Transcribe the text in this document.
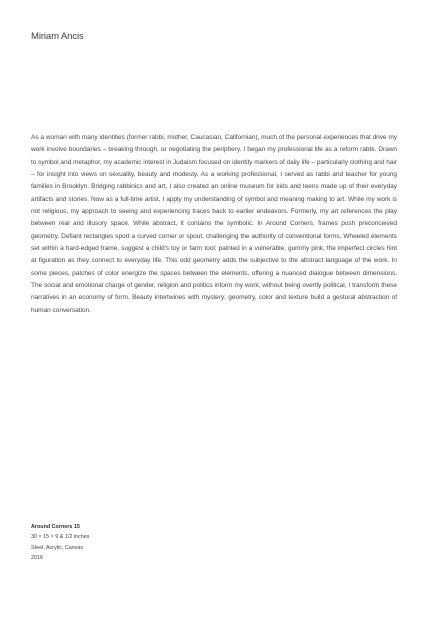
Miriam Ancis

As a woman with many identities (former rabbi, mother, Caucasian, Californian), much of the personal experiences that drive my work involve boundaries – breaking through, or negotiating the periphery. I began my professional life as a reform rabbi. Drawn to symbol and metaphor, my academic interest in Judaism focused on identity markers of daily life – particularly clothing and hair – for insight into views on sexuality, beauty and modesty. As a working professional, I served as rabbi and teacher for young families in Brooklyn. Bridging rabbinics and art, I also created an online museum for kids and teens made up of their everyday artifacts and stories. Now as a full-time artist, I apply my understanding of symbol and meaning making to art. While my work is not religious, my approach to seeing and experiencing traces back to earlier endeavors. Formerly, my art references the play between real and illusory space. While abstract, it contains the symbolic. In Around Corners, frames push preconceived geometry. Defiant rectangles sport a curved corner or spout, challenging the authority of conventional forms. Wheeled elements set within a hard-edged frame, suggest a child's toy or farm tool; painted in a vulnerable, gummy pink, the imperfect circles hint at figuration as they connect to everyday life. This odd geometry adds the subjective to the abstract language of the work. In some pieces, patches of color energize the spaces between the elements, offering a nuanced dialogue between dimensions. The social and emotional charge of gender, religion and politics inform my work; without being overtly political, I transform these narratives in an economy of form. Beauty intertwines with mystery; geometry, color and texture build a gestural abstraction of human conversation.

Around Corners 15
30 × 15 × 9 & 1/2 inches
Steel, Acrylic, Canvas
2016
